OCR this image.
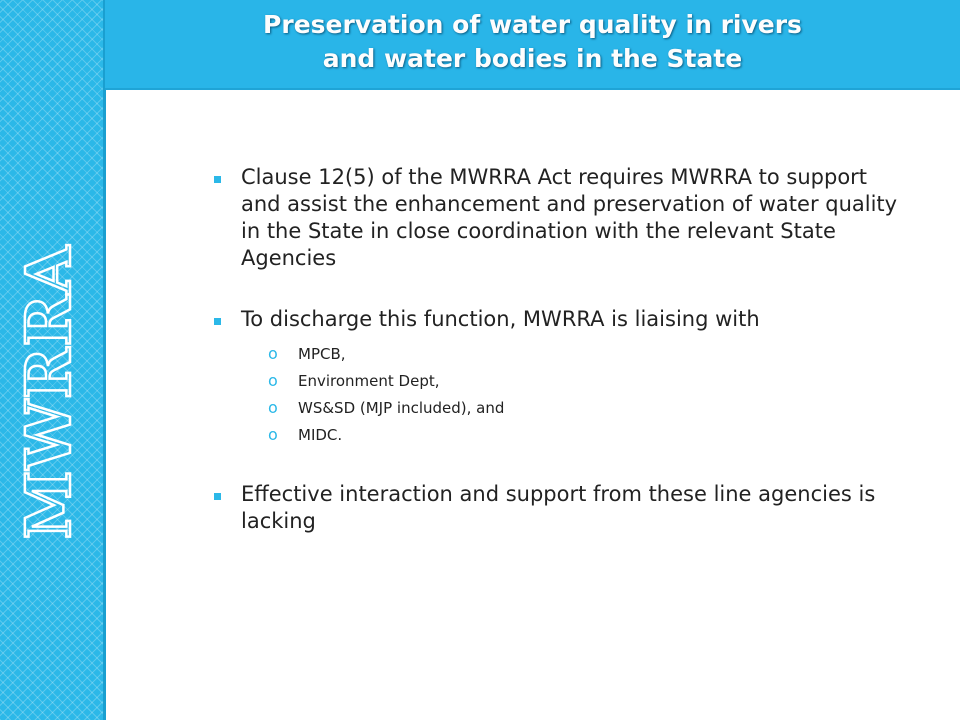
MWRRA
Preservation of water quality in rivers
and water bodies in the State
Clause 12(5) of the MWRRA Act requires MWRRA to support and assist the enhancement and preservation of water quality in the State in close coordination with the relevant State Agencies
To discharge this function, MWRRA is liaising with
o MPCB,
o Environment Dept,
o WS&SD (MJP included), and
o MIDC.
Effective interaction and support from these line agencies is lacking
